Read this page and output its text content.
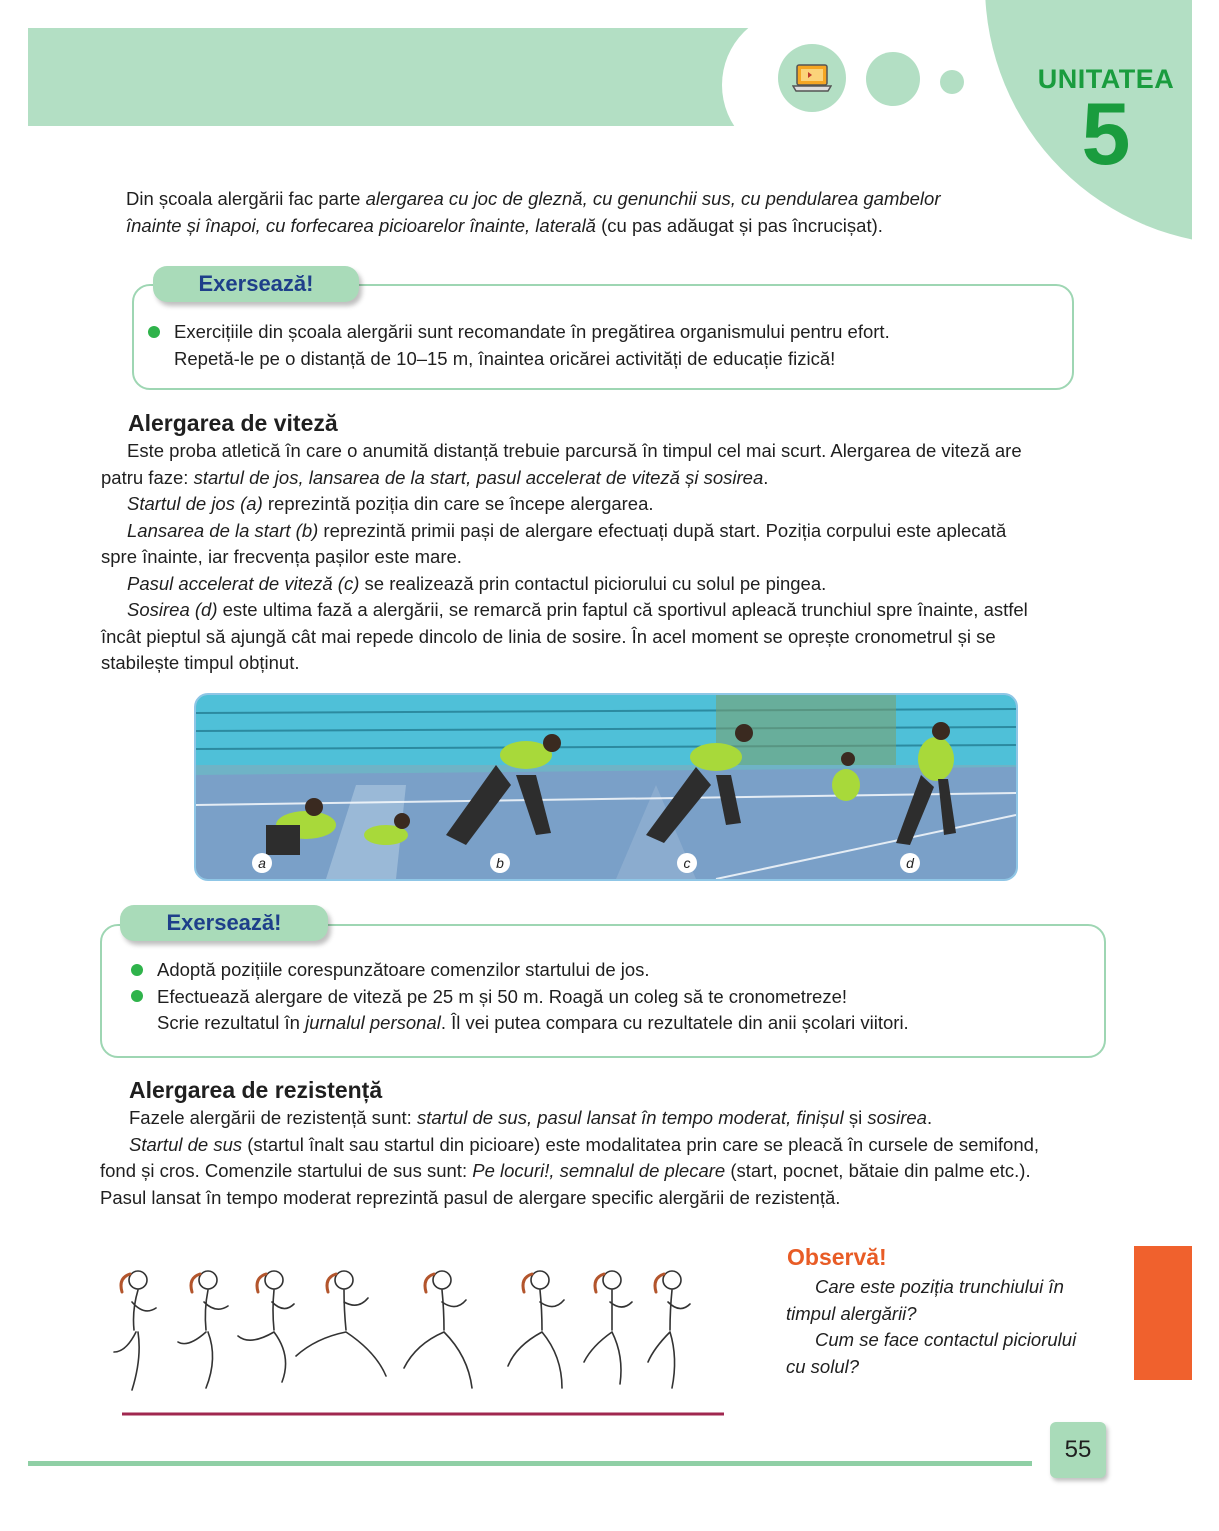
UNITATEA
5
Din școala alergării fac parte alergarea cu joc de gleznă, cu genunchii sus, cu pendularea gambelor
înainte și înapoi, cu forfecarea picioarelor înainte, laterală (cu pas adăugat și pas încrucișat).
Exersează!
Exercițiile din școala alergării sunt recomandate în pregătirea organismului pentru efort.
Repetă-le pe o distanță de 10–15 m, înaintea oricărei activități de educație fizică!
Alergarea de viteză
Este proba atletică în care o anumită distanță trebuie parcursă în timpul cel mai scurt. Alergarea de viteză are
patru faze: startul de jos, lansarea de la start, pasul accelerat de viteză și sosirea.
Startul de jos (a) reprezintă poziția din care se începe alergarea.
Lansarea de la start (b) reprezintă primii pași de alergare efectuați după start. Poziția corpului este aplecată
spre înainte, iar frecvența pașilor este mare.
Pasul accelerat de viteză (c) se realizează prin contactul piciorului cu solul pe pingea.
Sosirea (d) este ultima fază a alergării, se remarcă prin faptul că sportivul apleacă trunchiul spre înainte, astfel
încât pieptul să ajungă cât mai repede dincolo de linia de sosire. În acel moment se oprește cronometrul și se
stabilește timpul obținut.
a	b	c	d
Exersează!
Adoptă pozițiile corespunzătoare comenzilor startului de jos.
Efectuează alergare de viteză pe 25 m și 50 m. Roagă un coleg să te cronometreze!
Scrie rezultatul în jurnalul personal. Îl vei putea compara cu rezultatele din anii școlari viitori.
Alergarea de rezistență
Fazele alergării de rezistență sunt: startul de sus, pasul lansat în tempo moderat, finișul și sosirea.
Startul de sus (startul înalt sau startul din picioare) este modalitatea prin care se pleacă în cursele de semifond,
fond și cros. Comenzile startului de sus sunt: Pe locuri!, semnalul de plecare (start, pocnet, bătaie din palme etc.).
Pasul lansat în tempo moderat reprezintă pasul de alergare specific alergării de rezistență.
Observă!
Care este poziția trunchiului în
timpul alergării?
Cum se face contactul piciorului
cu solul?
55
